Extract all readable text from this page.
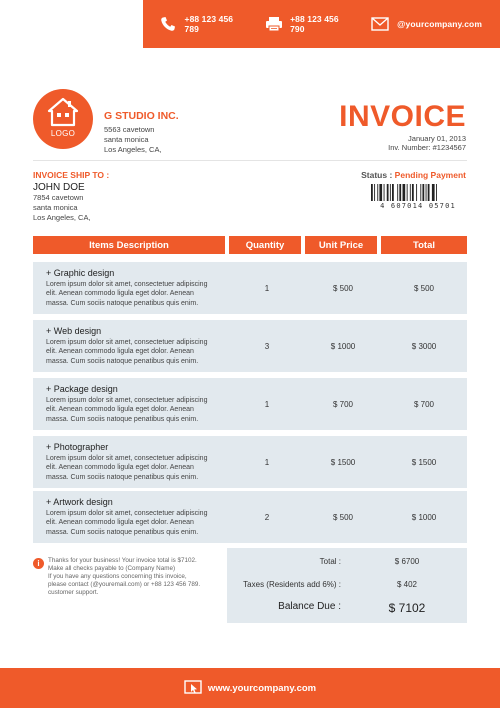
+88 123 456 789
+88 123 456 790	@yourcompany.com
LOGO
G STUDIO INC.
5563 cavetown
santa monica
Los Angeles, CA,
INVOICE
January 01, 2013
Inv. Number: #1234567
INVOICE SHIP TO :
JOHN DOE
7854 cavetown
santa monica
Los Angeles, CA,
Status : Pending Payment
4 607014 05701
Items Description	Quantity	Unit Price	Total
+ Graphic design
Lorem ipsum dolor sit amet, consectetuer adipiscing
elit. Aenean commodo ligula eget dolor. Aenean
massa. Cum sociis natoque penatibus quis enim.
1	$ 500	$ 500
+ Web design
Lorem ipsum dolor sit amet, consectetuer adipiscing
elit. Aenean commodo ligula eget dolor. Aenean
massa. Cum sociis natoque penatibus quis enim.
3	$ 1000	$ 3000
+ Package design
Lorem ipsum dolor sit amet, consectetuer adipiscing
elit. Aenean commodo ligula eget dolor. Aenean
massa. Cum sociis natoque penatibus quis enim.
1	$ 700	$ 700
+ Photographer
Lorem ipsum dolor sit amet, consectetuer adipiscing
elit. Aenean commodo ligula eget dolor. Aenean
massa. Cum sociis natoque penatibus quis enim.
1	$ 1500	$ 1500
+ Artwork design
Lorem ipsum dolor sit amet, consectetuer adipiscing
elit. Aenean commodo ligula eget dolor. Aenean
massa. Cum sociis natoque penatibus quis enim.
2	$ 500	$ 1000
i	Thanks for your business! Your invoice total is $7102.
Make all checks payable to (Company Name)
If you have any questions concerning this invoice,
please contact (@youremail.com) or +88 123 456 789.
customer support.
Total :	$ 6700
Taxes (Residents add 6%) :	$ 402
Balance Due :	$ 7102
www.yourcompany.com
